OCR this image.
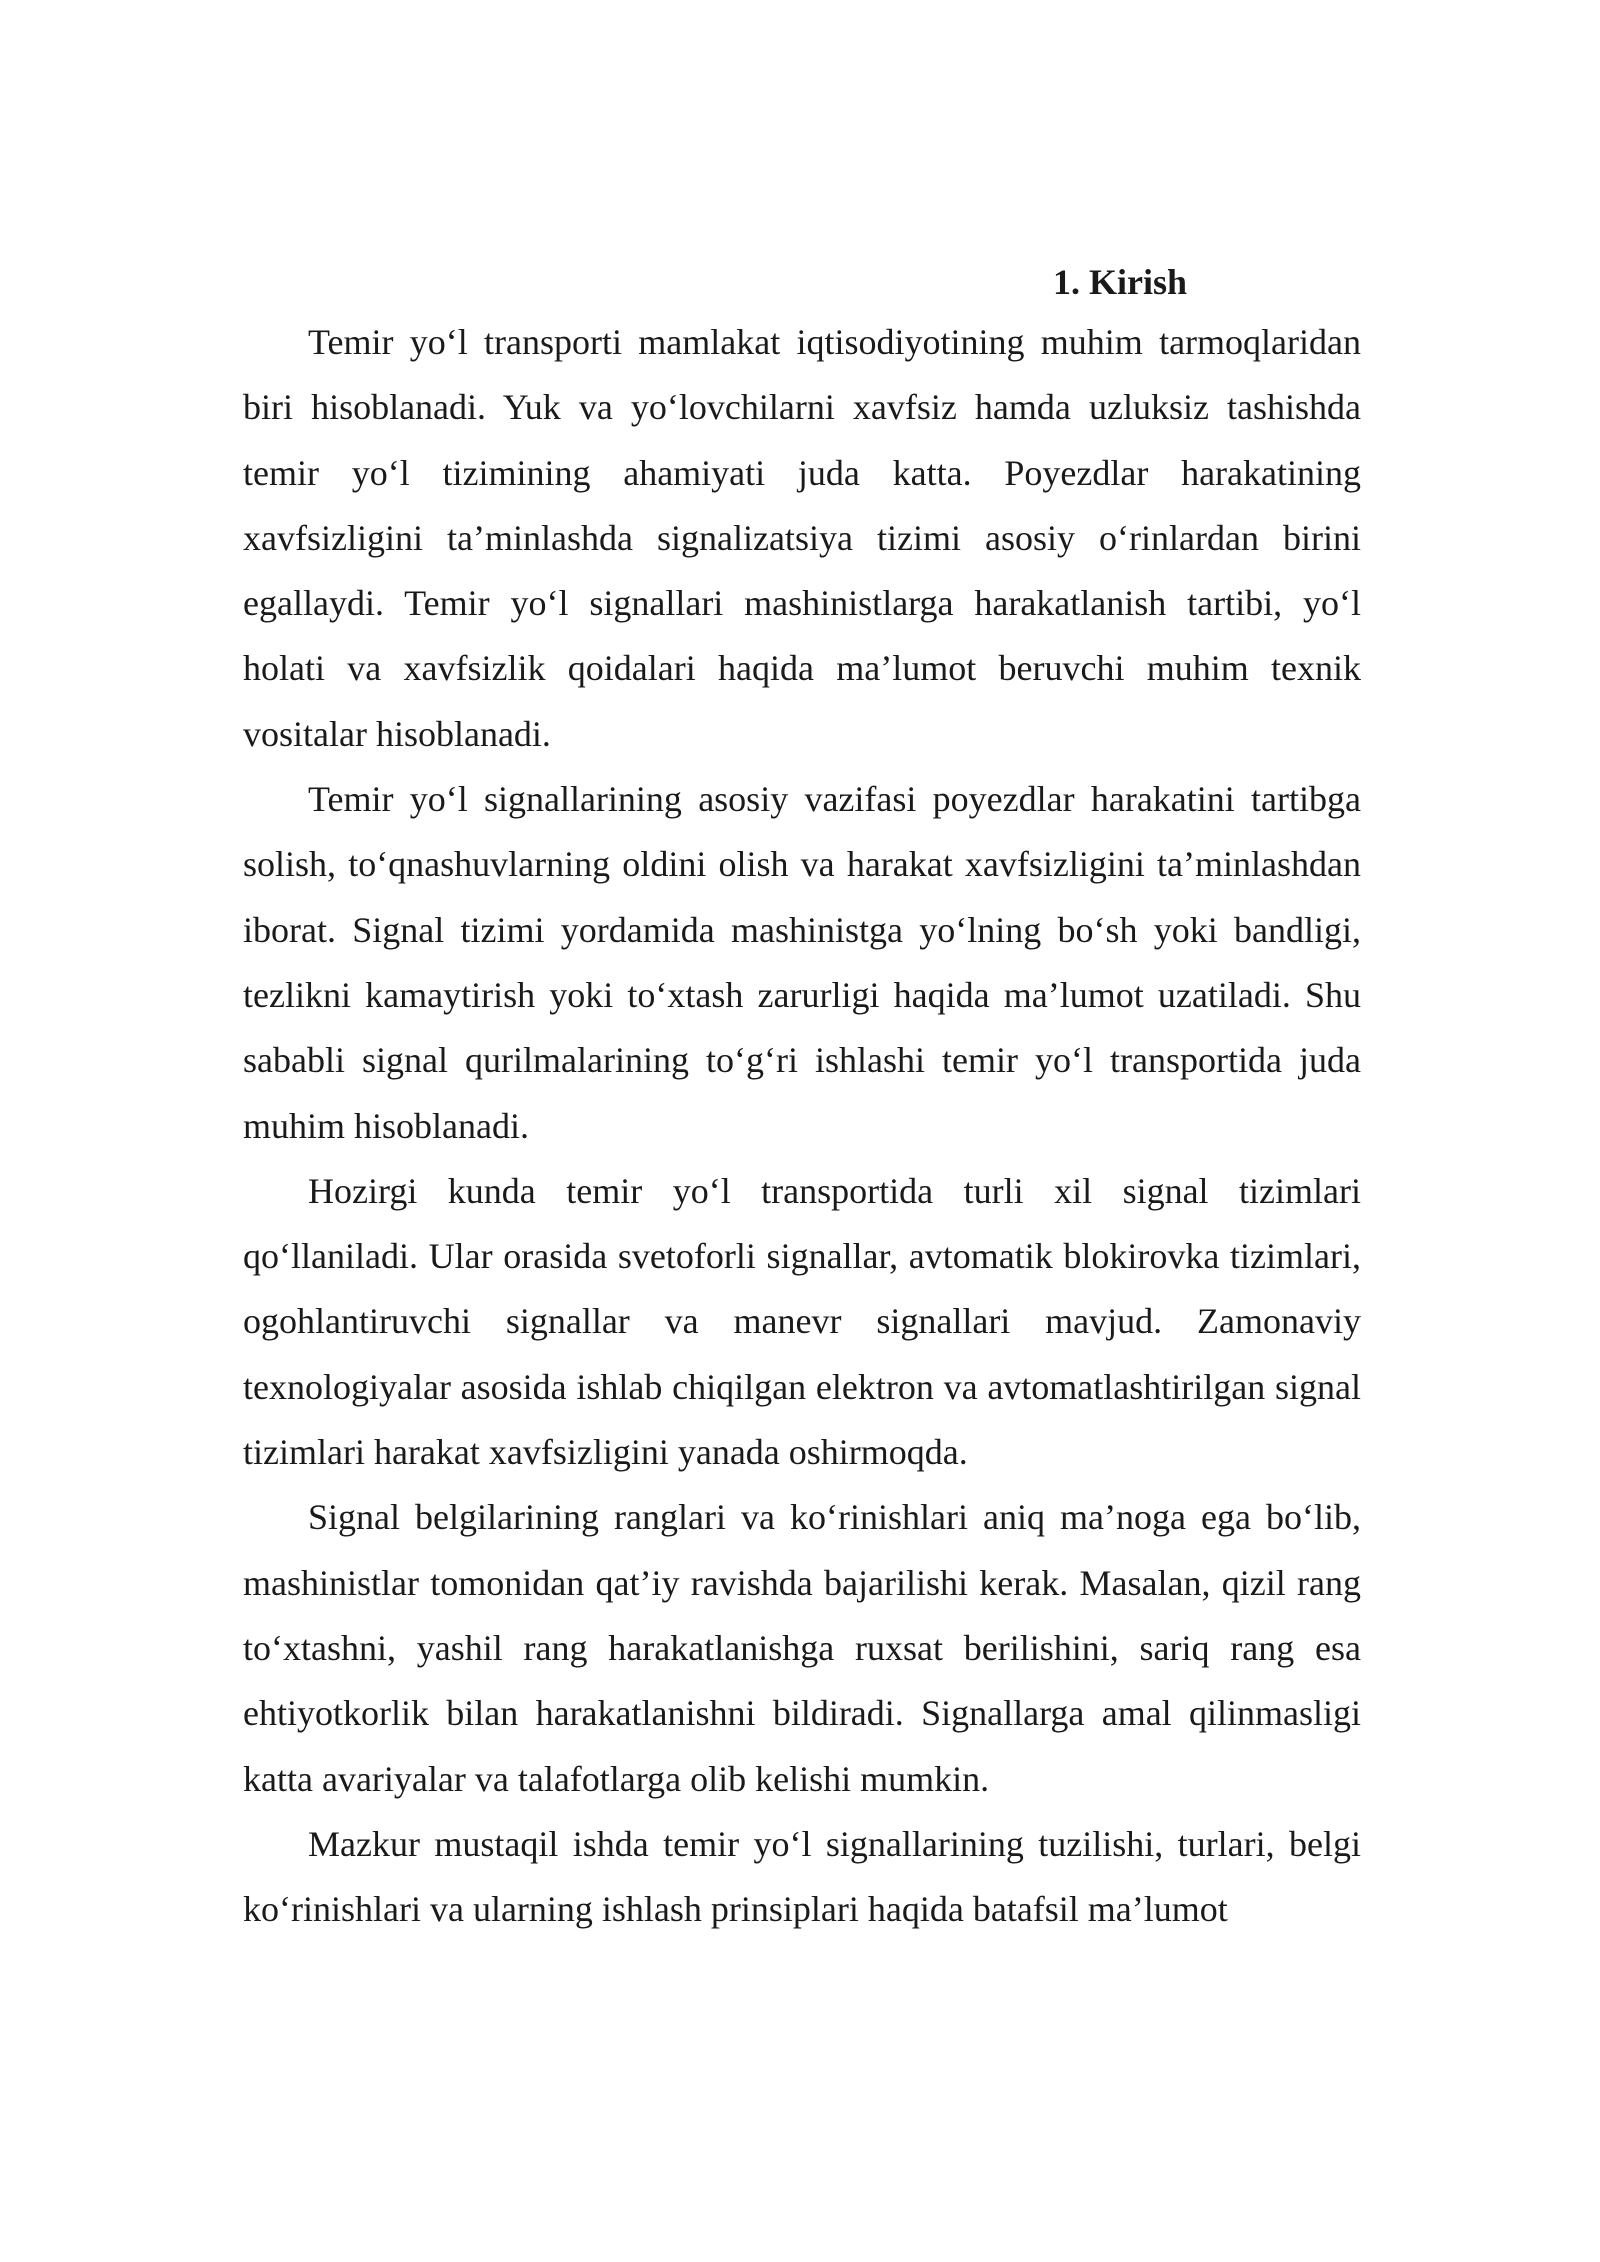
1. Kirish

Temir yo‘l transporti mamlakat iqtisodiyotining muhim tarmoqlaridan biri hisoblanadi. Yuk va yo‘lovchilarni xavfsiz hamda uzluksiz tashishda temir yo‘l tizimining ahamiyati juda katta. Poyezdlar harakatining xavfsizligini ta’minlashda signalizatsiya tizimi asosiy o‘rinlardan birini egallaydi. Temir yo‘l signallari mashinistlarga harakatlanish tartibi, yo‘l holati va xavfsizlik qoidalari haqida ma’lumot beruvchi muhim texnik vositalar hisoblanadi.

Temir yo‘l signallarining asosiy vazifasi poyezdlar harakatini tartibga solish, to‘qnashuvlarning oldini olish va harakat xavfsizligini ta’minlashdan iborat. Signal tizimi yordamida mashinistga yo‘lning bo‘sh yoki bandligi, tezlikni kamaytirish yoki to‘xtash zarurligi haqida ma’lumot uzatiladi. Shu sababli signal qurilmalarining to‘g‘ri ishlashi temir yo‘l transportida juda muhim hisoblanadi.

Hozirgi kunda temir yo‘l transportida turli xil signal tizimlari qo‘llaniladi. Ular orasida svetoforli signallar, avtomatik blokirovka tizimlari, ogohlantiruvchi signallar va manevr signallari mavjud. Zamonaviy texnologiyalar asosida ishlab chiqilgan elektron va avtomatlashtirilgan signal tizimlari harakat xavfsizligini yanada oshirmoqda.

Signal belgilarining ranglari va ko‘rinishlari aniq ma’noga ega bo‘lib, mashinistlar tomonidan qat’iy ravishda bajarilishi kerak. Masalan, qizil rang to‘xtashni, yashil rang harakatlanishga ruxsat berilishini, sariq rang esa ehtiyotkorlik bilan harakatlanishni bildiradi. Signallarga amal qilinmasligi katta avariyalar va talafotlarga olib kelishi mumkin.

Mazkur mustaqil ishda temir yo‘l signallarining tuzilishi, turlari, belgi ko‘rinishlari va ularning ishlash prinsiplari haqida batafsil ma’lumot
